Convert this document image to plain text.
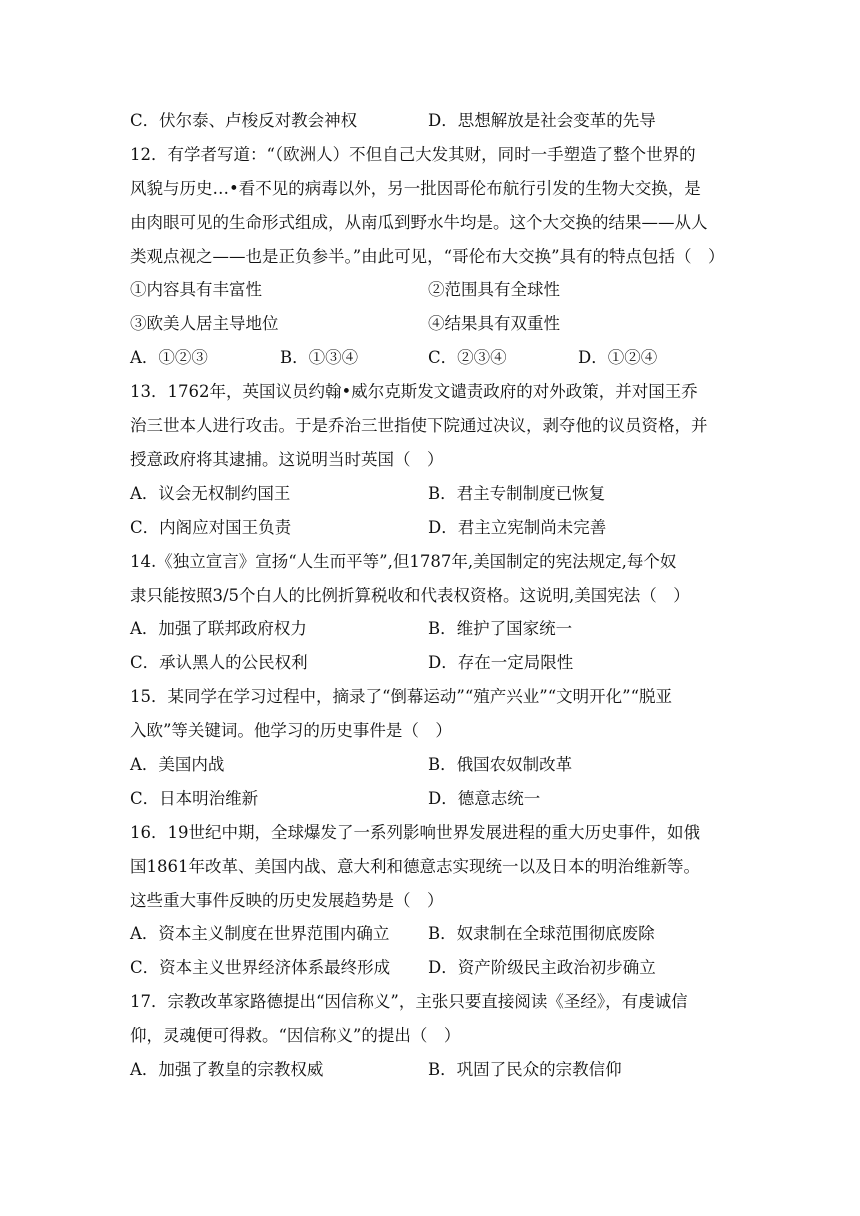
C．伏尔泰、卢梭反对教会神权	D．思想解放是社会变革的先导
12．有学者写道：“（欧洲人）不但自己大发其财，同时一手塑造了整个世界的
风貌与历史…•看不见的病毒以外，另一批因哥伦布航行引发的生物大交换，是
由肉眼可见的生命形式组成，从南瓜到野水牛均是。这个大交换的结果——从人
类观点视之——也是正负参半。”由此可见，“哥伦布大交换”具有的特点包括（　）
①内容具有丰富性	②范围具有全球性
③欧美人居主导地位	④结果具有双重性
A．①②③	B．①③④	C．②③④	D．①②④
13．1762年，英国议员约翰•威尔克斯发文谴责政府的对外政策，并对国王乔
治三世本人进行攻击。于是乔治三世指使下院通过决议，剥夺他的议员资格，并
授意政府将其逮捕。这说明当时英国（　）
A．议会无权制约国王	B．君主专制制度已恢复
C．内阁应对国王负责	D．君主立宪制尚未完善
14.《独立宣言》宣扬“人生而平等”,但1787年,美国制定的宪法规定,每个奴
隶只能按照3/5个白人的比例折算税收和代表权资格。这说明,美国宪法（　）
A．加强了联邦政府权力	B．维护了国家统一
C．承认黑人的公民权利	D．存在一定局限性
15．某同学在学习过程中，摘录了“倒幕运动”“殖产兴业”“文明开化”“脱亚
入欧”等关键词。他学习的历史事件是（　）
A．美国内战	B．俄国农奴制改革
C．日本明治维新	D．德意志统一
16．19世纪中期，全球爆发了一系列影响世界发展进程的重大历史事件，如俄
国1861年改革、美国内战、意大利和德意志实现统一以及日本的明治维新等。
这些重大事件反映的历史发展趋势是（　）
A．资本主义制度在世界范围内确立 B．奴隶制在全球范围彻底废除
C．资本主义世界经济体系最终形成 D．资产阶级民主政治初步确立
17．宗教改革家路德提出“因信称义”，主张只要直接阅读《圣经》，有虔诚信
仰，灵魂便可得救。“因信称义”的提出（　）
A．加强了教皇的宗教权威	B．巩固了民众的宗教信仰
